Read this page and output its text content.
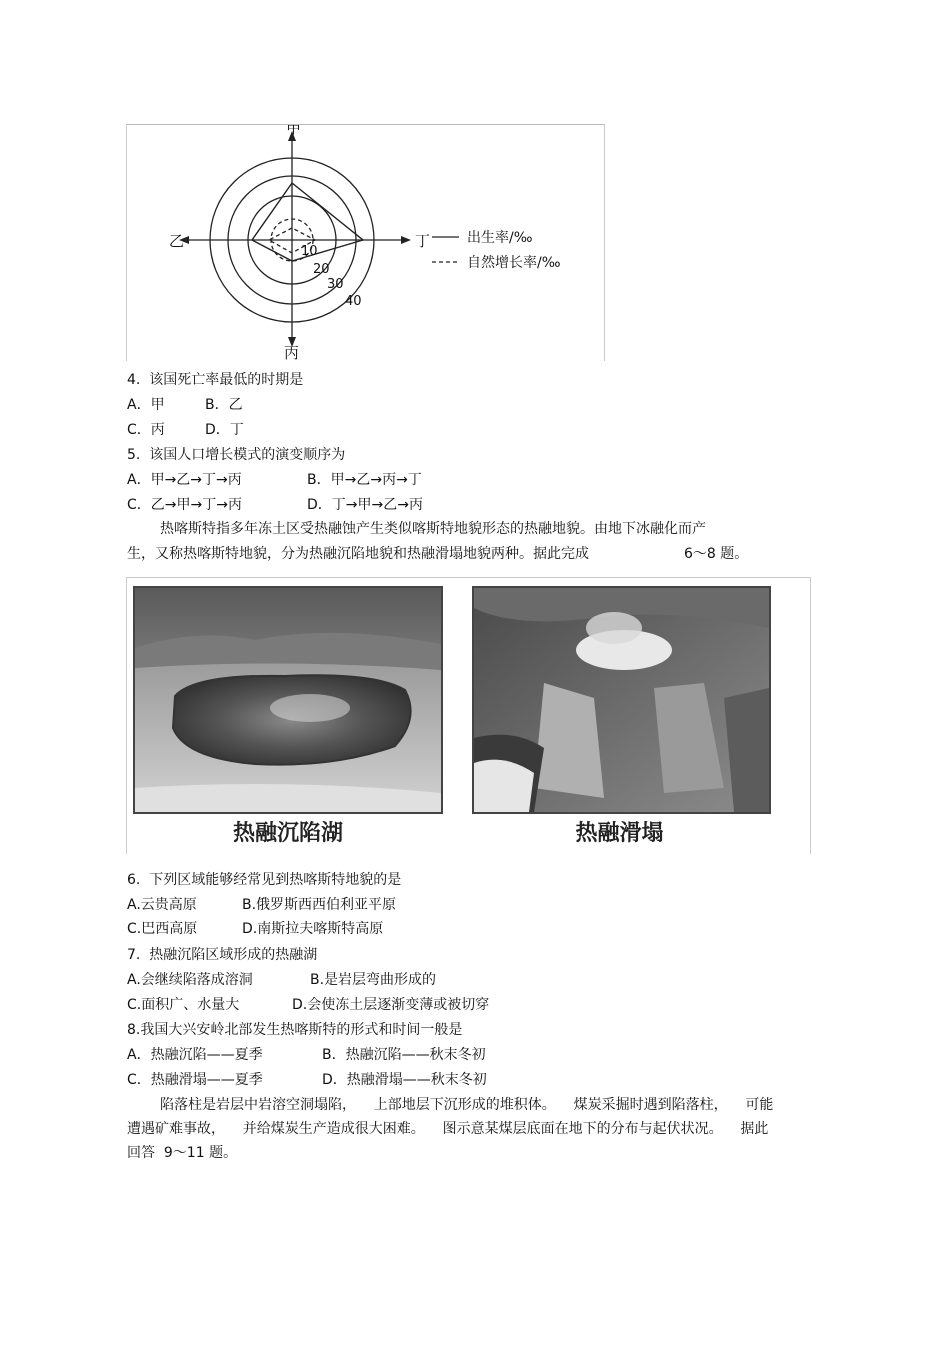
甲
乙	丁
丙
10
20
30
40
出生率/‰
自然增长率/‰
4.  该国死亡率最低的时期是
A．甲	B．乙
C．丙	D．丁
5.  该国人口增长模式的演变顺序为
A．甲→乙→丁→丙	B．甲→乙→丙→丁
C．乙→甲→丁→丙	D．丁→甲→乙→丙
热喀斯特指多年冻土区受热融蚀产生类似喀斯特地貌形态的热融地貌。由地下冰融化而产
生，又称热喀斯特地貌，分为热融沉陷地貌和热融滑塌地貌两种。据此完成	6～8 题。
热融沉陷湖	热融滑塌
6.  下列区域能够经常见到热喀斯特地貌的是
A.云贵高原	B.俄罗斯西西伯利亚平原
C.巴西高原	D.南斯拉夫喀斯特高原
7.  热融沉陷区域形成的热融湖
A.会继续陷落成溶洞	B.是岩层弯曲形成的
C.面积广、水量大	D.会使冻土层逐渐变薄或被切穿
8.我国大兴安岭北部发生热喀斯特的形式和时间一般是
A．热融沉陷——夏季	B．热融沉陷——秋末冬初
C．热融滑塌——夏季	D．热融滑塌——秋末冬初
陷落柱是岩层中岩溶空洞塌陷，    上部地层下沉形成的堆积体。    煤炭采掘时遇到陷落柱，    可能
遭遇矿难事故，    并给煤炭生产造成很大困难。    图示意某煤层底面在地下的分布与起伏状况。    据此
回答  9～11 题。
